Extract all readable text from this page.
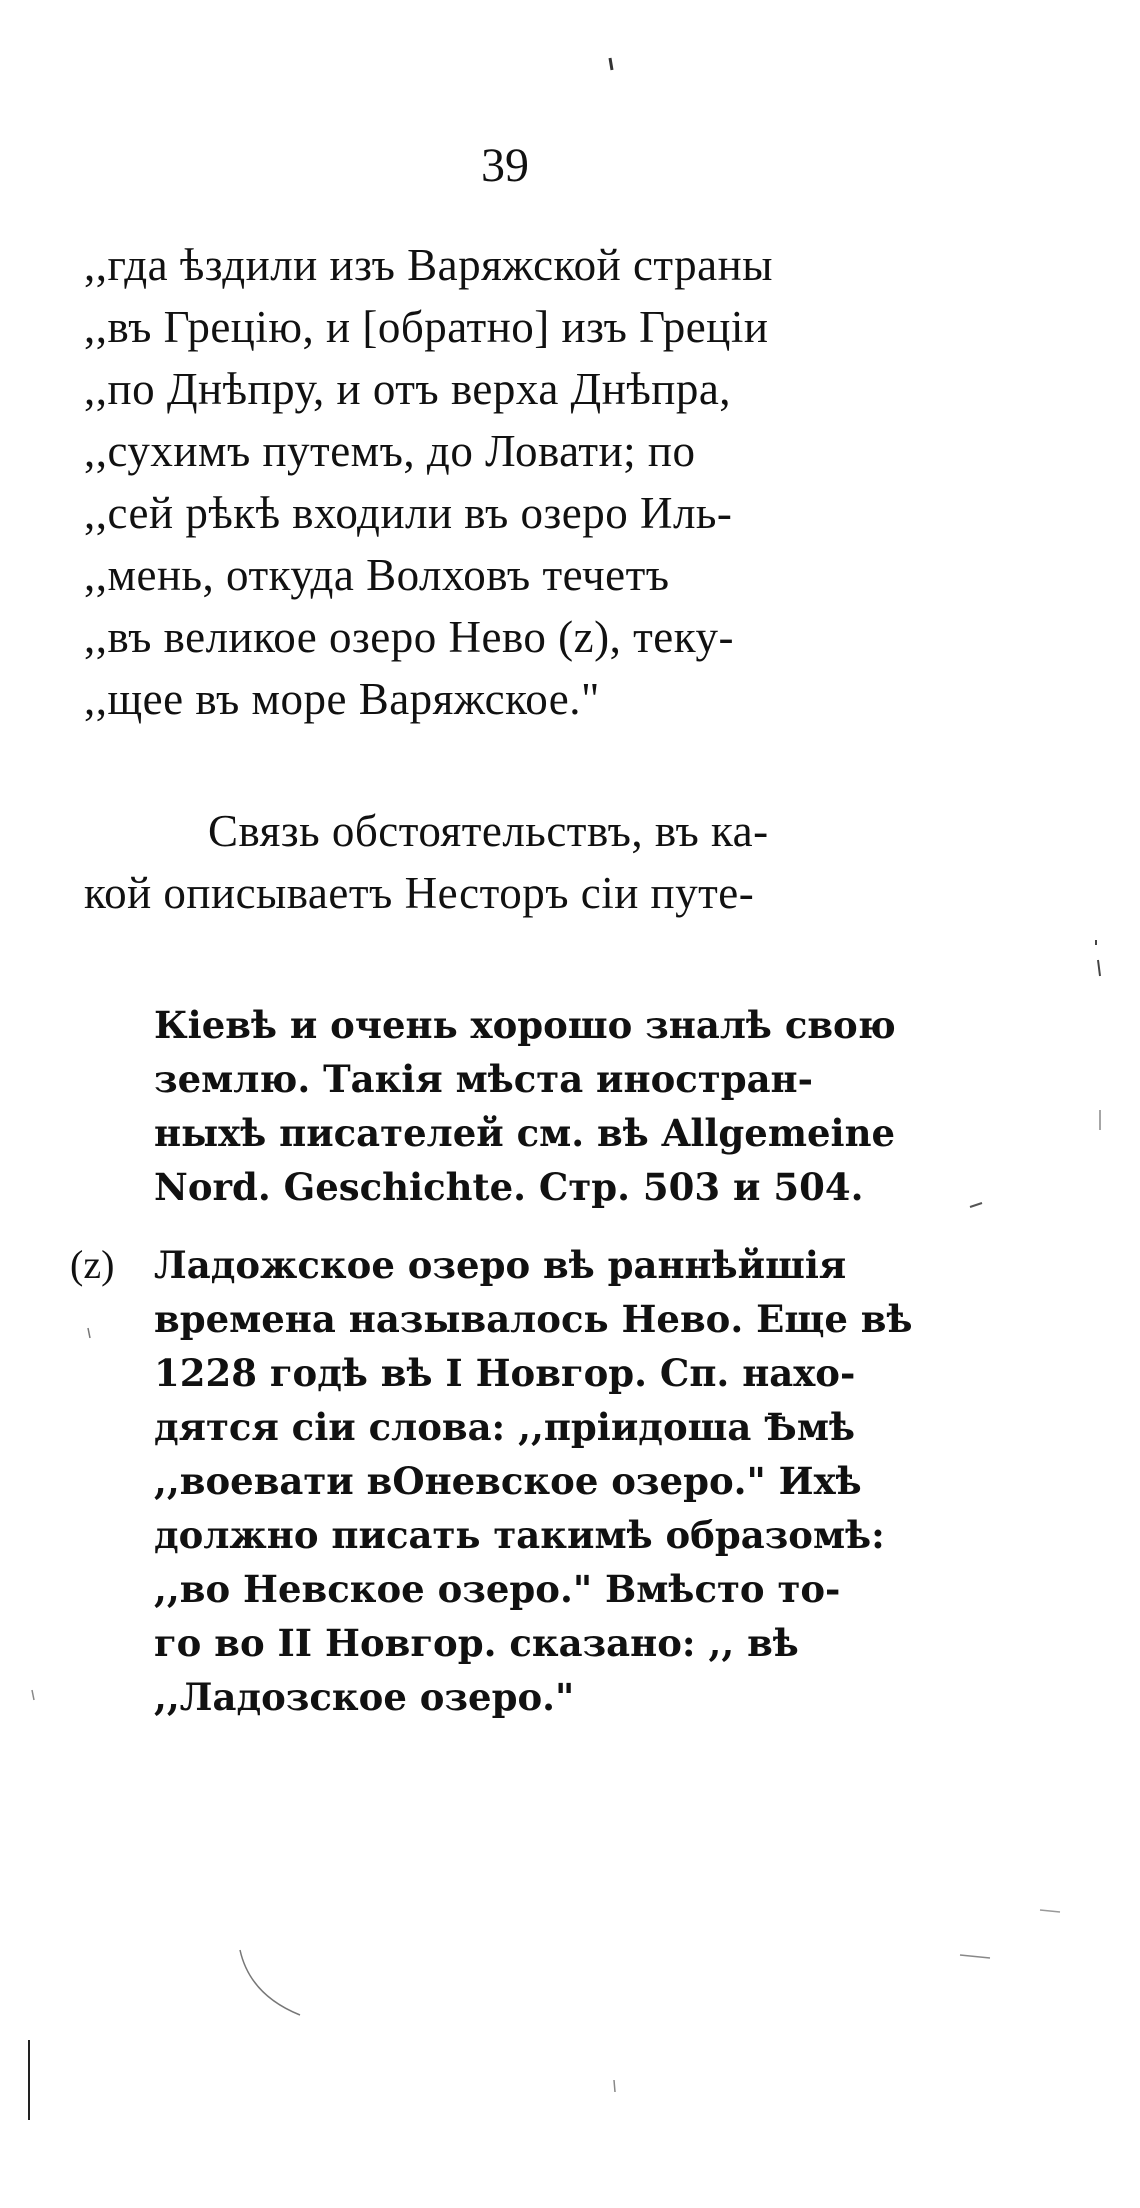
39
,,гда ѣздили изъ Варяжской страны
,,въ Грецію, и [обратно] изъ Греціи
,,по Днѣпру, и отъ верха Днѣпра,
,,сухимъ путемъ, до Ловати; по
,,сей рѣкѣ входили въ озеро Иль-
,,мень, откуда Волховъ течетъ
,,въ великое озеро Нево (z), теку-
,,щее въ море Варяжское."
Связь обстоятельствъ, въ ка-
кой описываетъ Несторъ сіи путе-
Кіевѣ и очень хорошо зналѣ свою
землю. Такія мѣста иностран-
ныхѣ писателей см. вѣ Allgemeine
Nord. Geschichte. Стр. 503 и 504.
(z) Ладожское озеро вѣ раннѣйшія
времена называлось Нево. Еще вѣ
1228 годѣ вѣ I Новгор. Сп. нахо-
дятся сіи слова: ,,пріидоша Ѣмѣ
,,воевати вОневское озеро." Ихѣ
должно писать такимѣ образомѣ:
,,во Невское озеро." Вмѣсто то-
го во II Новгор. сказано: ,, вѣ
,,Ладозское озеро."
